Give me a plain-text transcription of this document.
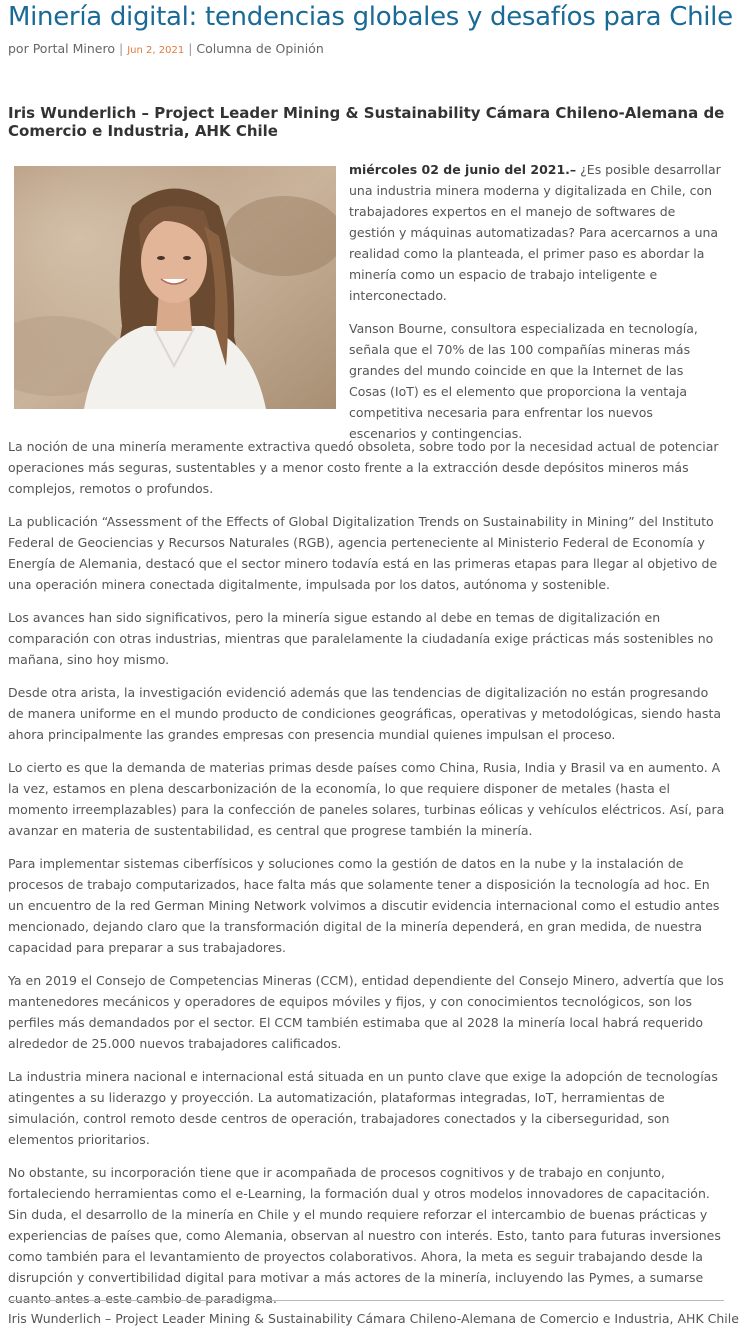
Minería digital: tendencias globales y desafíos para Chile
por Portal Minero | Jun 2, 2021 | Columna de Opinión
Iris Wunderlich – Project Leader Mining & Sustainability Cámara Chileno-Alemana de Comercio e Industria, AHK Chile

miércoles 02 de junio del 2021.– ¿Es posible desarrollar una industria minera moderna y digitalizada en Chile, con trabajadores expertos en el manejo de softwares de gestión y máquinas automatizadas? Para acercarnos a una realidad como la planteada, el primer paso es abordar la minería como un espacio de trabajo inteligente e interconectado.

Vanson Bourne, consultora especializada en tecnología, señala que el 70% de las 100 compañías mineras más grandes del mundo coincide en que la Internet de las Cosas (IoT) es el elemento que proporciona la ventaja competitiva necesaria para enfrentar los nuevos escenarios y contingencias.

La noción de una minería meramente extractiva quedó obsoleta, sobre todo por la necesidad actual de potenciar operaciones más seguras, sustentables y a menor costo frente a la extracción desde depósitos mineros más complejos, remotos o profundos.

La publicación “Assessment of the Effects of Global Digitalization Trends on Sustainability in Mining” del Instituto Federal de Geociencias y Recursos Naturales (RGB), agencia perteneciente al Ministerio Federal de Economía y Energía de Alemania, destacó que el sector minero todavía está en las primeras etapas para llegar al objetivo de una operación minera conectada digitalmente, impulsada por los datos, autónoma y sostenible.

Los avances han sido significativos, pero la minería sigue estando al debe en temas de digitalización en comparación con otras industrias, mientras que paralelamente la ciudadanía exige prácticas más sostenibles no mañana, sino hoy mismo.

Desde otra arista, la investigación evidenció además que las tendencias de digitalización no están progresando de manera uniforme en el mundo producto de condiciones geográficas, operativas y metodológicas, siendo hasta ahora principalmente las grandes empresas con presencia mundial quienes impulsan el proceso.

Lo cierto es que la demanda de materias primas desde países como China, Rusia, India y Brasil va en aumento. A la vez, estamos en plena descarbonización de la economía, lo que requiere disponer de metales (hasta el momento irreemplazables) para la confección de paneles solares, turbinas eólicas y vehículos eléctricos. Así, para avanzar en materia de sustentabilidad, es central que progrese también la minería.

Para implementar sistemas ciberfísicos y soluciones como la gestión de datos en la nube y la instalación de procesos de trabajo computarizados, hace falta más que solamente tener a disposición la tecnología ad hoc. En un encuentro de la red German Mining Network volvimos a discutir evidencia internacional como el estudio antes mencionado, dejando claro que la transformación digital de la minería dependerá, en gran medida, de nuestra capacidad para preparar a sus trabajadores.

Ya en 2019 el Consejo de Competencias Mineras (CCM), entidad dependiente del Consejo Minero, advertía que los mantenedores mecánicos y operadores de equipos móviles y fijos, y con conocimientos tecnológicos, son los perfiles más demandados por el sector. El CCM también estimaba que al 2028 la minería local habrá requerido alrededor de 25.000 nuevos trabajadores calificados.

La industria minera nacional e internacional está situada en un punto clave que exige la adopción de tecnologías atingentes a su liderazgo y proyección. La automatización, plataformas integradas, IoT, herramientas de simulación, control remoto desde centros de operación, trabajadores conectados y la ciberseguridad, son elementos prioritarios.

No obstante, su incorporación tiene que ir acompañada de procesos cognitivos y de trabajo en conjunto, fortaleciendo herramientas como el e-Learning, la formación dual y otros modelos innovadores de capacitación. Sin duda, el desarrollo de la minería en Chile y el mundo requiere reforzar el intercambio de buenas prácticas y experiencias de países que, como Alemania, observan al nuestro con interés. Esto, tanto para futuras inversiones como también para el levantamiento de proyectos colaborativos. Ahora, la meta es seguir trabajando desde la disrupción y convertibilidad digital para motivar a más actores de la minería, incluyendo las Pymes, a sumarse cuanto antes a este cambio de paradigma.

Iris Wunderlich – Project Leader Mining & Sustainability Cámara Chileno-Alemana de Comercio e Industria, AHK Chile
